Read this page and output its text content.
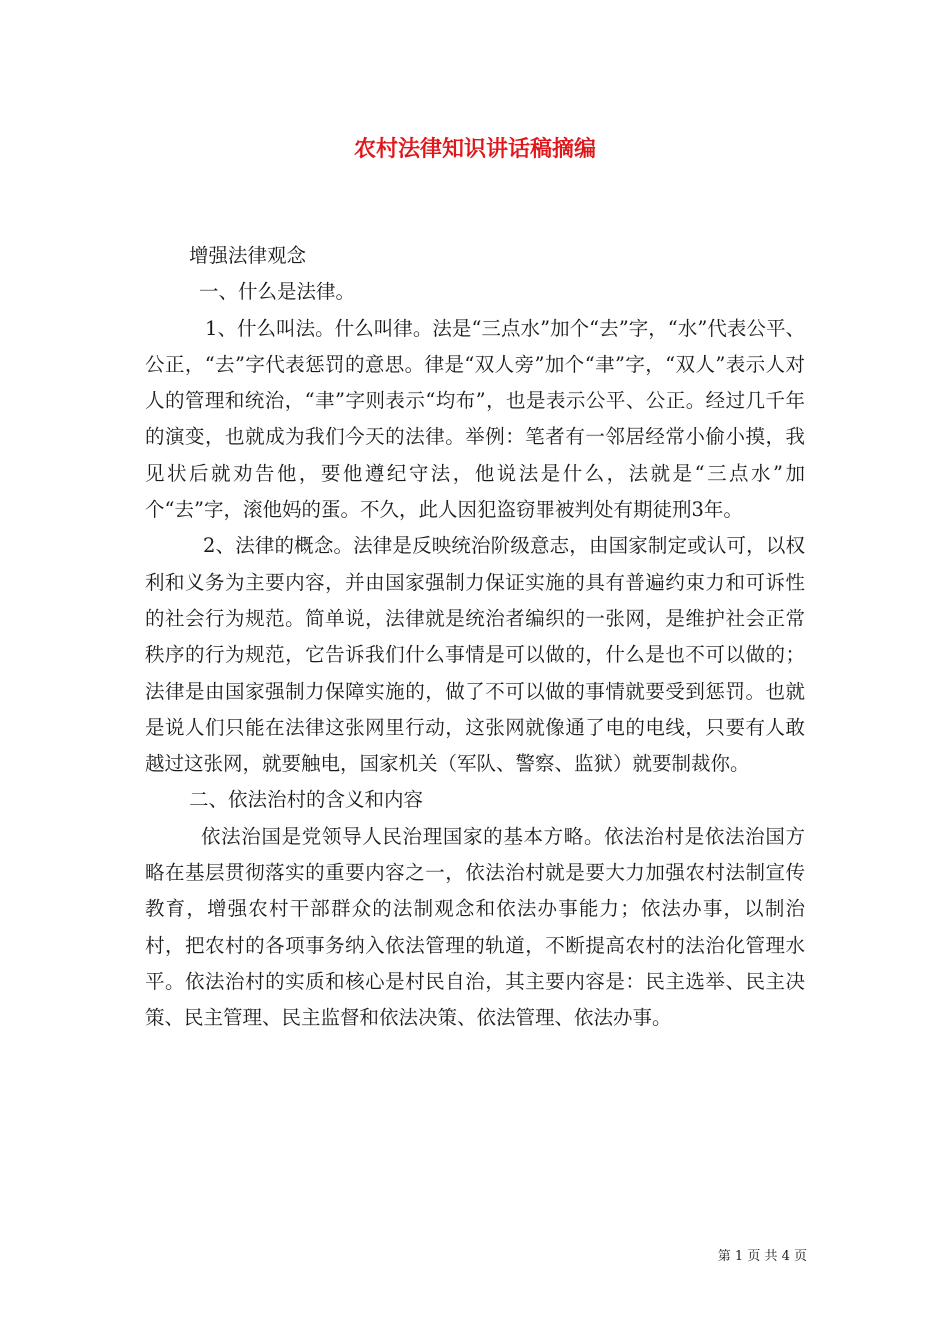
农村法律知识讲话稿摘编

增强法律观念

一、什么是法律。

1、什么叫法。什么叫律。法是“三点水”加个“去”字，“水”代表公平、公正，“去”字代表惩罚的意思。律是“双人旁”加个“聿”字，“双人”表示人对人的管理和统治，“聿”字则表示“均布”，也是表示公平、公正。经过几千年的演变，也就成为我们今天的法律。举例：笔者有一邻居经常小偷小摸，我见状后就劝告他，要他遵纪守法，他说法是什么，法就是“三点水”加个“去”字，滚他妈的蛋。不久，此人因犯盗窃罪被判处有期徒刑3年。

2、法律的概念。法律是反映统治阶级意志，由国家制定或认可，以权利和义务为主要内容，并由国家强制力保证实施的具有普遍约束力和可诉性的社会行为规范。简单说，法律就是统治者编织的一张网，是维护社会正常秩序的行为规范，它告诉我们什么事情是可以做的，什么是也不可以做的；法律是由国家强制力保障实施的，做了不可以做的事情就要受到惩罚。也就是说人们只能在法律这张网里行动，这张网就像通了电的电线，只要有人敢越过这张网，就要触电，国家机关（军队、警察、监狱）就要制裁你。

二、依法治村的含义和内容

依法治国是党领导人民治理国家的基本方略。依法治村是依法治国方略在基层贯彻落实的重要内容之一，依法治村就是要大力加强农村法制宣传教育，增强农村干部群众的法制观念和依法办事能力；依法办事，以制治村，把农村的各项事务纳入依法管理的轨道，不断提高农村的法治化管理水平。依法治村的实质和核心是村民自治，其主要内容是：民主选举、民主决策、民主管理、民主监督和依法决策、依法管理、依法办事。

第 1 页 共 4 页
